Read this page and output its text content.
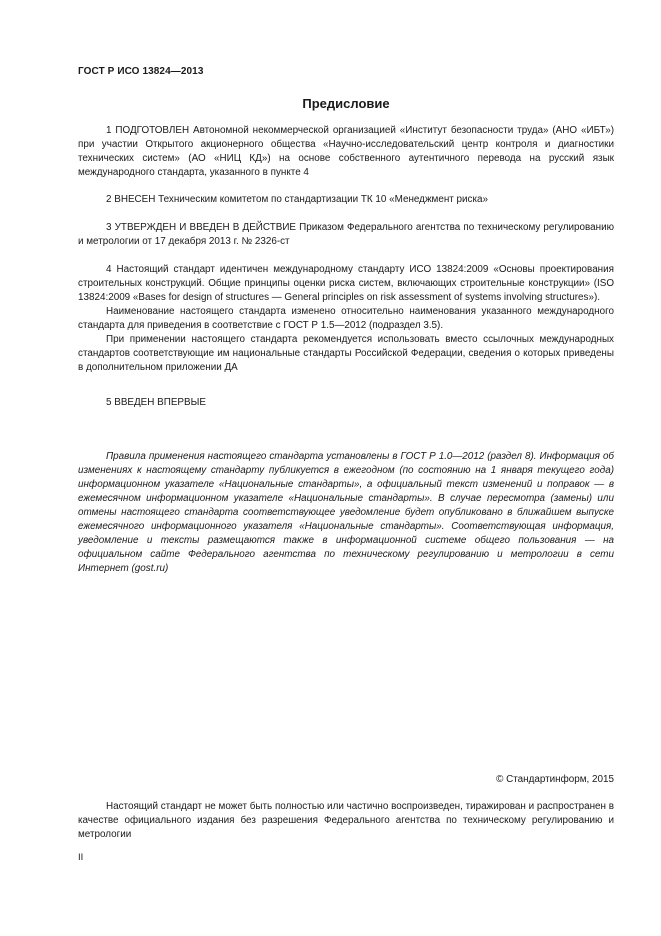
ГОСТ Р ИСО 13824—2013
Предисловие

1 ПОДГОТОВЛЕН Автономной некоммерческой организацией «Институт безопасности труда» (АНО «ИБТ») при участии Открытого акционерного общества «Научно-исследовательский центр контроля и диагностики технических систем» (АО «НИЦ КД») на основе собственного аутентичного перевода на русский язык международного стандарта, указанного в пункте 4

2 ВНЕСЕН Техническим комитетом по стандартизации ТК 10 «Менеджмент риска»

3 УТВЕРЖДЕН И ВВЕДЕН В ДЕЙСТВИЕ Приказом Федерального агентства по техническому регулированию и метрологии от 17 декабря 2013 г. № 2326-ст

4 Настоящий стандарт идентичен международному стандарту ИСО 13824:2009 «Основы проектирования строительных конструкций. Общие принципы оценки риска систем, включающих строительные конструкции» (ISO 13824:2009 «Bases for design of structures — General principles on risk assessment of systems involving structures»).

Наименование настоящего стандарта изменено относительно наименования указанного международного стандарта для приведения в соответствие с ГОСТ Р 1.5—2012 (подраздел 3.5).

При применении настоящего стандарта рекомендуется использовать вместо ссылочных международных стандартов соответствующие им национальные стандарты Российской Федерации, сведения о которых приведены в дополнительном приложении ДА

5 ВВЕДЕН ВПЕРВЫЕ

Правила применения настоящего стандарта установлены в ГОСТ Р 1.0—2012 (раздел 8). Информация об изменениях к настоящему стандарту публикуется в ежегодном (по состоянию на 1 января текущего года) информационном указателе «Национальные стандарты», а официальный текст изменений и поправок — в ежемесячном информационном указателе «Национальные стандарты». В случае пересмотра (замены) или отмены настоящего стандарта соответствующее уведомление будет опубликовано в ближайшем выпуске ежемесячного информационного указателя «Национальные стандарты». Соответствующая информация, уведомление и тексты размещаются также в информационной системе общего пользования — на официальном сайте Федерального агентства по техническому регулированию и метрологии в сети Интернет (gost.ru)

© Стандартинформ, 2015

Настоящий стандарт не может быть полностью или частично воспроизведен, тиражирован и распространен в качестве официального издания без разрешения Федерального агентства по техническому регулированию и метрологии

II
